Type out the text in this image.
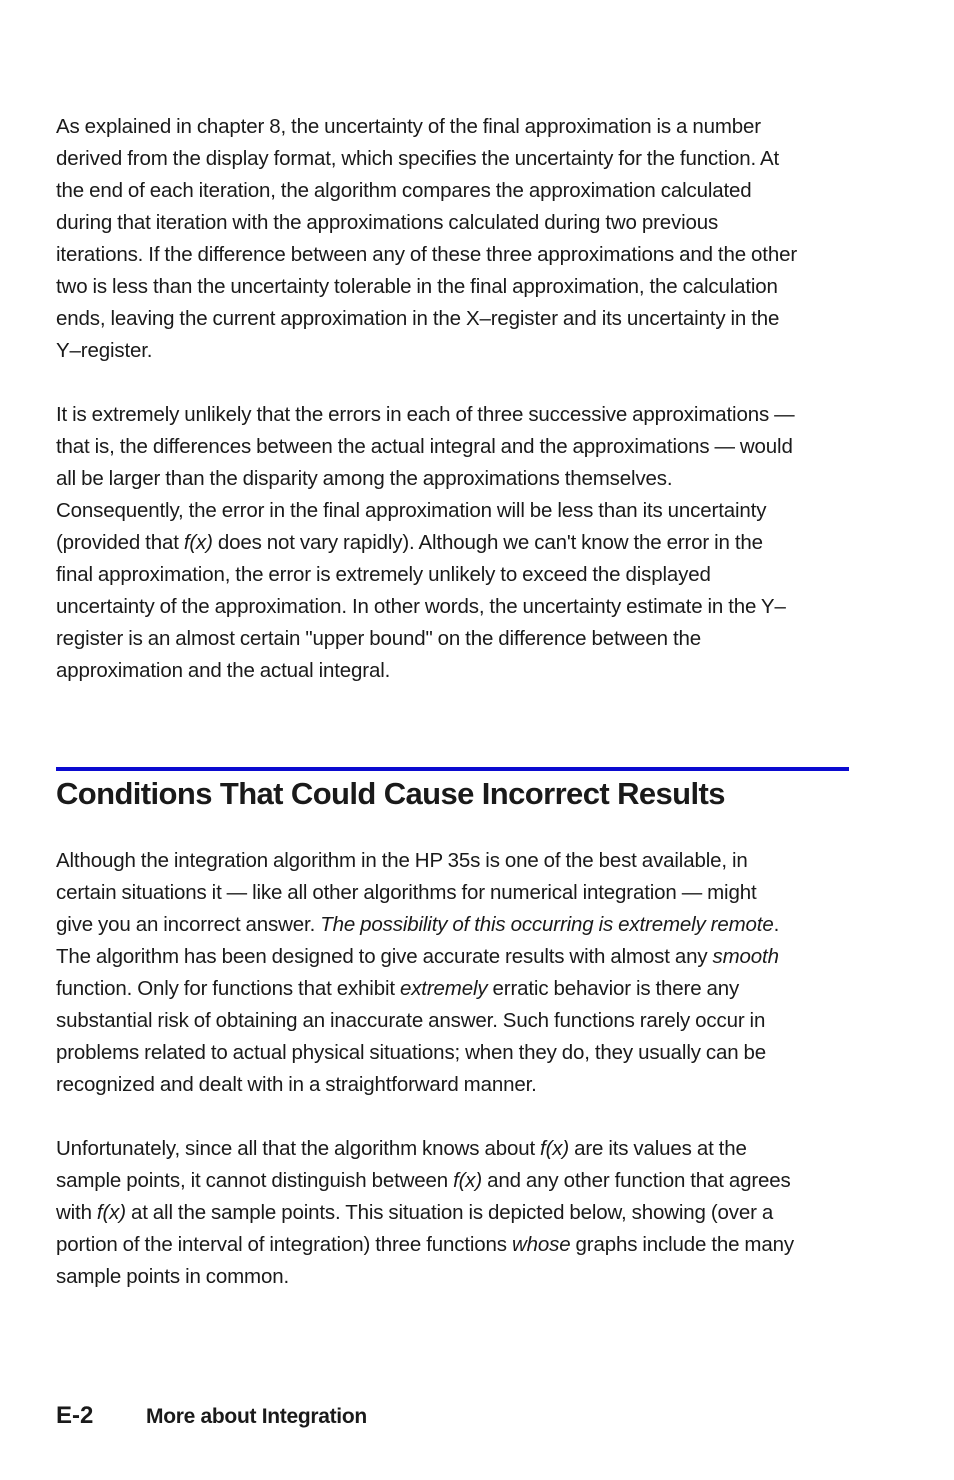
As explained in chapter 8, the uncertainty of the final approximation is a number

derived from the display format, which specifies the uncertainty for the function. At

the end of each iteration, the algorithm compares the approximation calculated

during that iteration with the approximations calculated during two previous

iterations. If the difference between any of these three approximations and the other

two is less than the uncertainty tolerable in the final approximation, the calculation

ends, leaving the current approximation in the X–register and its uncertainty in the

Y–register.

It is extremely unlikely that the errors in each of three successive approximations —

that is, the differences between the actual integral and the approximations — would

all be larger than the disparity among the approximations themselves.

Consequently, the error in the final approximation will be less than its uncertainty

(provided that f(x) does not vary rapidly). Although we can't know the error in the

final approximation, the error is extremely unlikely to exceed the displayed

uncertainty of the approximation. In other words, the uncertainty estimate in the Y–

register is an almost certain "upper bound" on the difference between the

approximation and the actual integral.

Conditions That Could Cause Incorrect Results

Although the integration algorithm in the HP 35s is one of the best available, in

certain situations it — like all other algorithms for numerical integration — might

give you an incorrect answer. The possibility of this occurring is extremely remote.

The algorithm has been designed to give accurate results with almost any smooth

function. Only for functions that exhibit extremely erratic behavior is there any

substantial risk of obtaining an inaccurate answer. Such functions rarely occur in

problems related to actual physical situations; when they do, they usually can be

recognized and dealt with in a straightforward manner.

Unfortunately, since all that the algorithm knows about f(x) are its values at the

sample points, it cannot distinguish between f(x) and any other function that agrees

with f(x) at all the sample points. This situation is depicted below, showing (over a

portion of the interval of integration) three functions whose graphs include the many

sample points in common.

E-2	More about Integration
